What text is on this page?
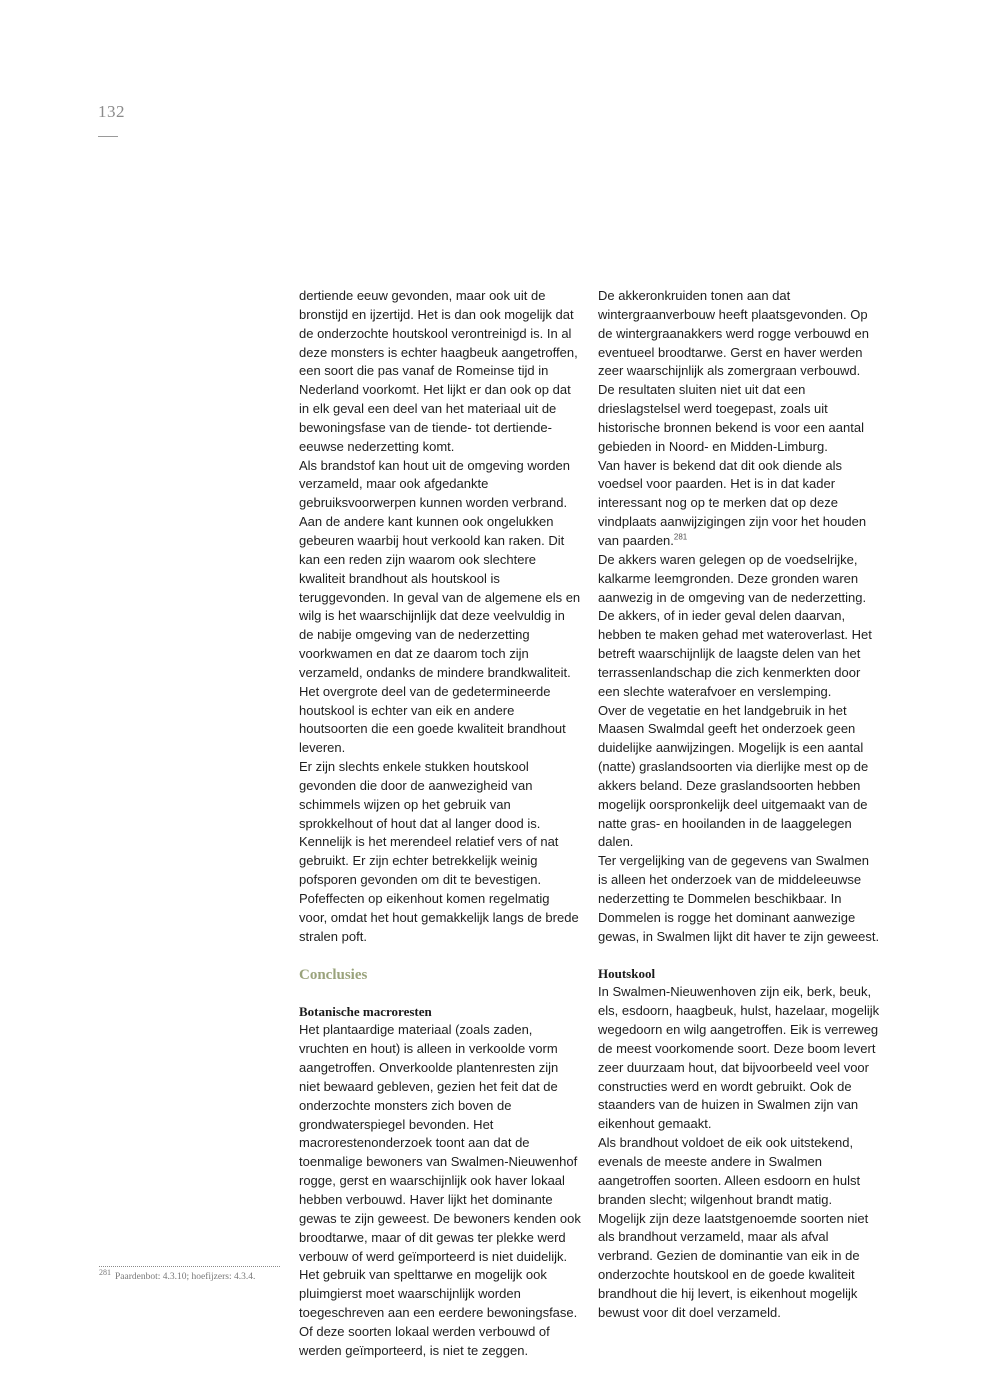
132

dertiende eeuw gevonden, maar ook uit de bronstijd en ijzertijd. Het is dan ook mogelijk dat de onderzochte houtskool verontreinigd is. In al deze monsters is echter haagbeuk aangetroffen, een soort die pas vanaf de Romeinse tijd in Nederland voorkomt. Het lijkt er dan ook op dat in elk geval een deel van het materiaal uit de bewoningsfase van de tiende- tot dertiende-eeuwse nederzetting komt.

Als brandstof kan hout uit de omgeving worden verzameld, maar ook afgedankte gebruiksvoorwerpen kunnen worden verbrand. Aan de andere kant kunnen ook ongelukken gebeuren waarbij hout verkoold kan raken. Dit kan een reden zijn waarom ook slechtere kwaliteit brandhout als houtskool is teruggevonden. In geval van de algemene els en wilg is het waarschijnlijk dat deze veelvuldig in de nabije omgeving van de nederzetting voorkwamen en dat ze daarom toch zijn verzameld, ondanks de mindere brandkwaliteit.

Het overgrote deel van de gedetermineerde houtskool is echter van eik en andere houtsoorten die een goede kwaliteit brandhout leveren.

Er zijn slechts enkele stukken houtskool gevonden die door de aanwezigheid van schimmels wijzen op het gebruik van sprokkelhout of hout dat al langer dood is. Kennelijk is het merendeel relatief vers of nat gebruikt. Er zijn echter betrekkelijk weinig pofsporen gevonden om dit te bevestigen. Pofeffecten op eikenhout komen regelmatig voor, omdat het hout gemakkelijk langs de brede stralen poft.

Conclusies
Botanische macroresten

Het plantaardige materiaal (zoals zaden, vruchten en hout) is alleen in verkoolde vorm aangetroffen. Onverkoolde plantenresten zijn niet bewaard gebleven, gezien het feit dat de onderzochte monsters zich boven de grondwaterspiegel bevonden. Het macrorestenonderzoek toont aan dat de toenmalige bewoners van Swalmen-Nieuwenhof rogge, gerst en waarschijnlijk ook haver lokaal hebben verbouwd. Haver lijkt het dominante gewas te zijn geweest. De bewoners kenden ook broodtarwe, maar of dit gewas ter plekke werd verbouw of werd geïmporteerd is niet duidelijk. Het gebruik van spelttarwe en mogelijk ook pluimgierst moet waarschijnlijk worden toegeschreven aan een eerdere bewoningsfase. Of deze soorten lokaal werden verbouwd of werden geïmporteerd, is niet te zeggen.

De akkeronkruiden tonen aan dat wintergraanverbouw heeft plaatsgevonden. Op de wintergraanakkers werd rogge verbouwd en eventueel broodtarwe. Gerst en haver werden zeer waarschijnlijk als zomergraan verbouwd. De resultaten sluiten niet uit dat een drieslagstelsel werd toegepast, zoals uit historische bronnen bekend is voor een aantal gebieden in Noord- en Midden-Limburg.

Van haver is bekend dat dit ook diende als voedsel voor paarden. Het is in dat kader interessant nog op te merken dat op deze vindplaats aanwijzigingen zijn voor het houden van paarden.$^{281}$

De akkers waren gelegen op de voedselrijke, kalkarme leemgronden. Deze gronden waren aanwezig in de omgeving van de nederzetting. De akkers, of in ieder geval delen daarvan, hebben te maken gehad met wateroverlast. Het betreft waarschijnlijk de laagste delen van het terrassenlandschap die zich kenmerkten door een slechte waterafvoer en verslemping.

Over de vegetatie en het landgebruik in het Maasen Swalmdal geeft het onderzoek geen duidelijke aanwijzingen. Mogelijk is een aantal (natte) graslandsoorten via dierlijke mest op de akkers beland. Deze graslandsoorten hebben mogelijk oorspronkelijk deel uitgemaakt van de natte gras- en hooilanden in de laaggelegen dalen.

Ter vergelijking van de gegevens van Swalmen is alleen het onderzoek van de middeleeuwse nederzetting te Dommelen beschikbaar. In Dommelen is rogge het dominant aanwezige gewas, in Swalmen lijkt dit haver te zijn geweest.

Houtskool

In Swalmen-Nieuwenhoven zijn eik, berk, beuk, els, esdoorn, haagbeuk, hulst, hazelaar, mogelijk wegedoorn en wilg aangetroffen. Eik is verreweg de meest voorkomende soort. Deze boom levert zeer duurzaam hout, dat bijvoorbeeld veel voor constructies werd en wordt gebruikt. Ook de staanders van de huizen in Swalmen zijn van eikenhout gemaakt.

Als brandhout voldoet de eik ook uitstekend, evenals de meeste andere in Swalmen aangetroffen soorten. Alleen esdoorn en hulst branden slecht; wilgenhout brandt matig. Mogelijk zijn deze laatstgenoemde soorten niet als brandhout verzameld, maar als afval verbrand. Gezien de dominantie van eik in de onderzochte houtskool en de goede kwaliteit brandhout die hij levert, is eikenhout mogelijk bewust voor dit doel verzameld.

$^{281}$ Paardenbot: 4.3.10; hoefijzers: 4.3.4.
